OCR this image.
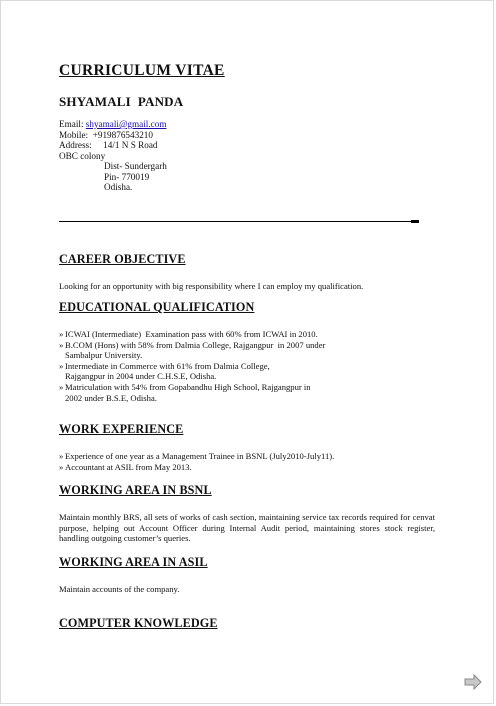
CURRICULUM VITAE
SHYAMALI  PANDA
Email: shyamali@gmail.com
Mobile:  +919876543210
Address:     14/1 N S Road
OBC colony
Dist- Sundergarh
Pin- 770019
Odisha.
CAREER OBJECTIVE
Looking for an opportunity with big responsibility where I can employ my qualification.
EDUCATIONAL QUALIFICATION
» ICWAI (Intermediate)  Examination pass with 60% from ICWAI in 2010.
» B.COM (Hons) with 58% from Dalmia College, Rajgangpur  in 2007 under
Sambalpur University.
» Intermediate in Commerce with 61% from Dalmia College,
Rajgangpur in 2004 under C.H.S.E, Odisha.
» Matriculation with 54% from Gopabandhu High School, Rajgangpur in
2002 under B.S.E, Odisha.
WORK EXPERIENCE
» Experience of one year as a Management Trainee in BSNL (July2010-July11).
» Accountant at ASIL from May 2013.
WORKING AREA IN BSNL
Maintain monthly BRS, all sets of works of cash section, maintaining service tax records required for cenvat purpose, helping out Account Officer during Internal Audit period, maintaining stores stock register, handling outgoing customer’s queries.
WORKING AREA IN ASIL
Maintain accounts of the company.
COMPUTER KNOWLEDGE
